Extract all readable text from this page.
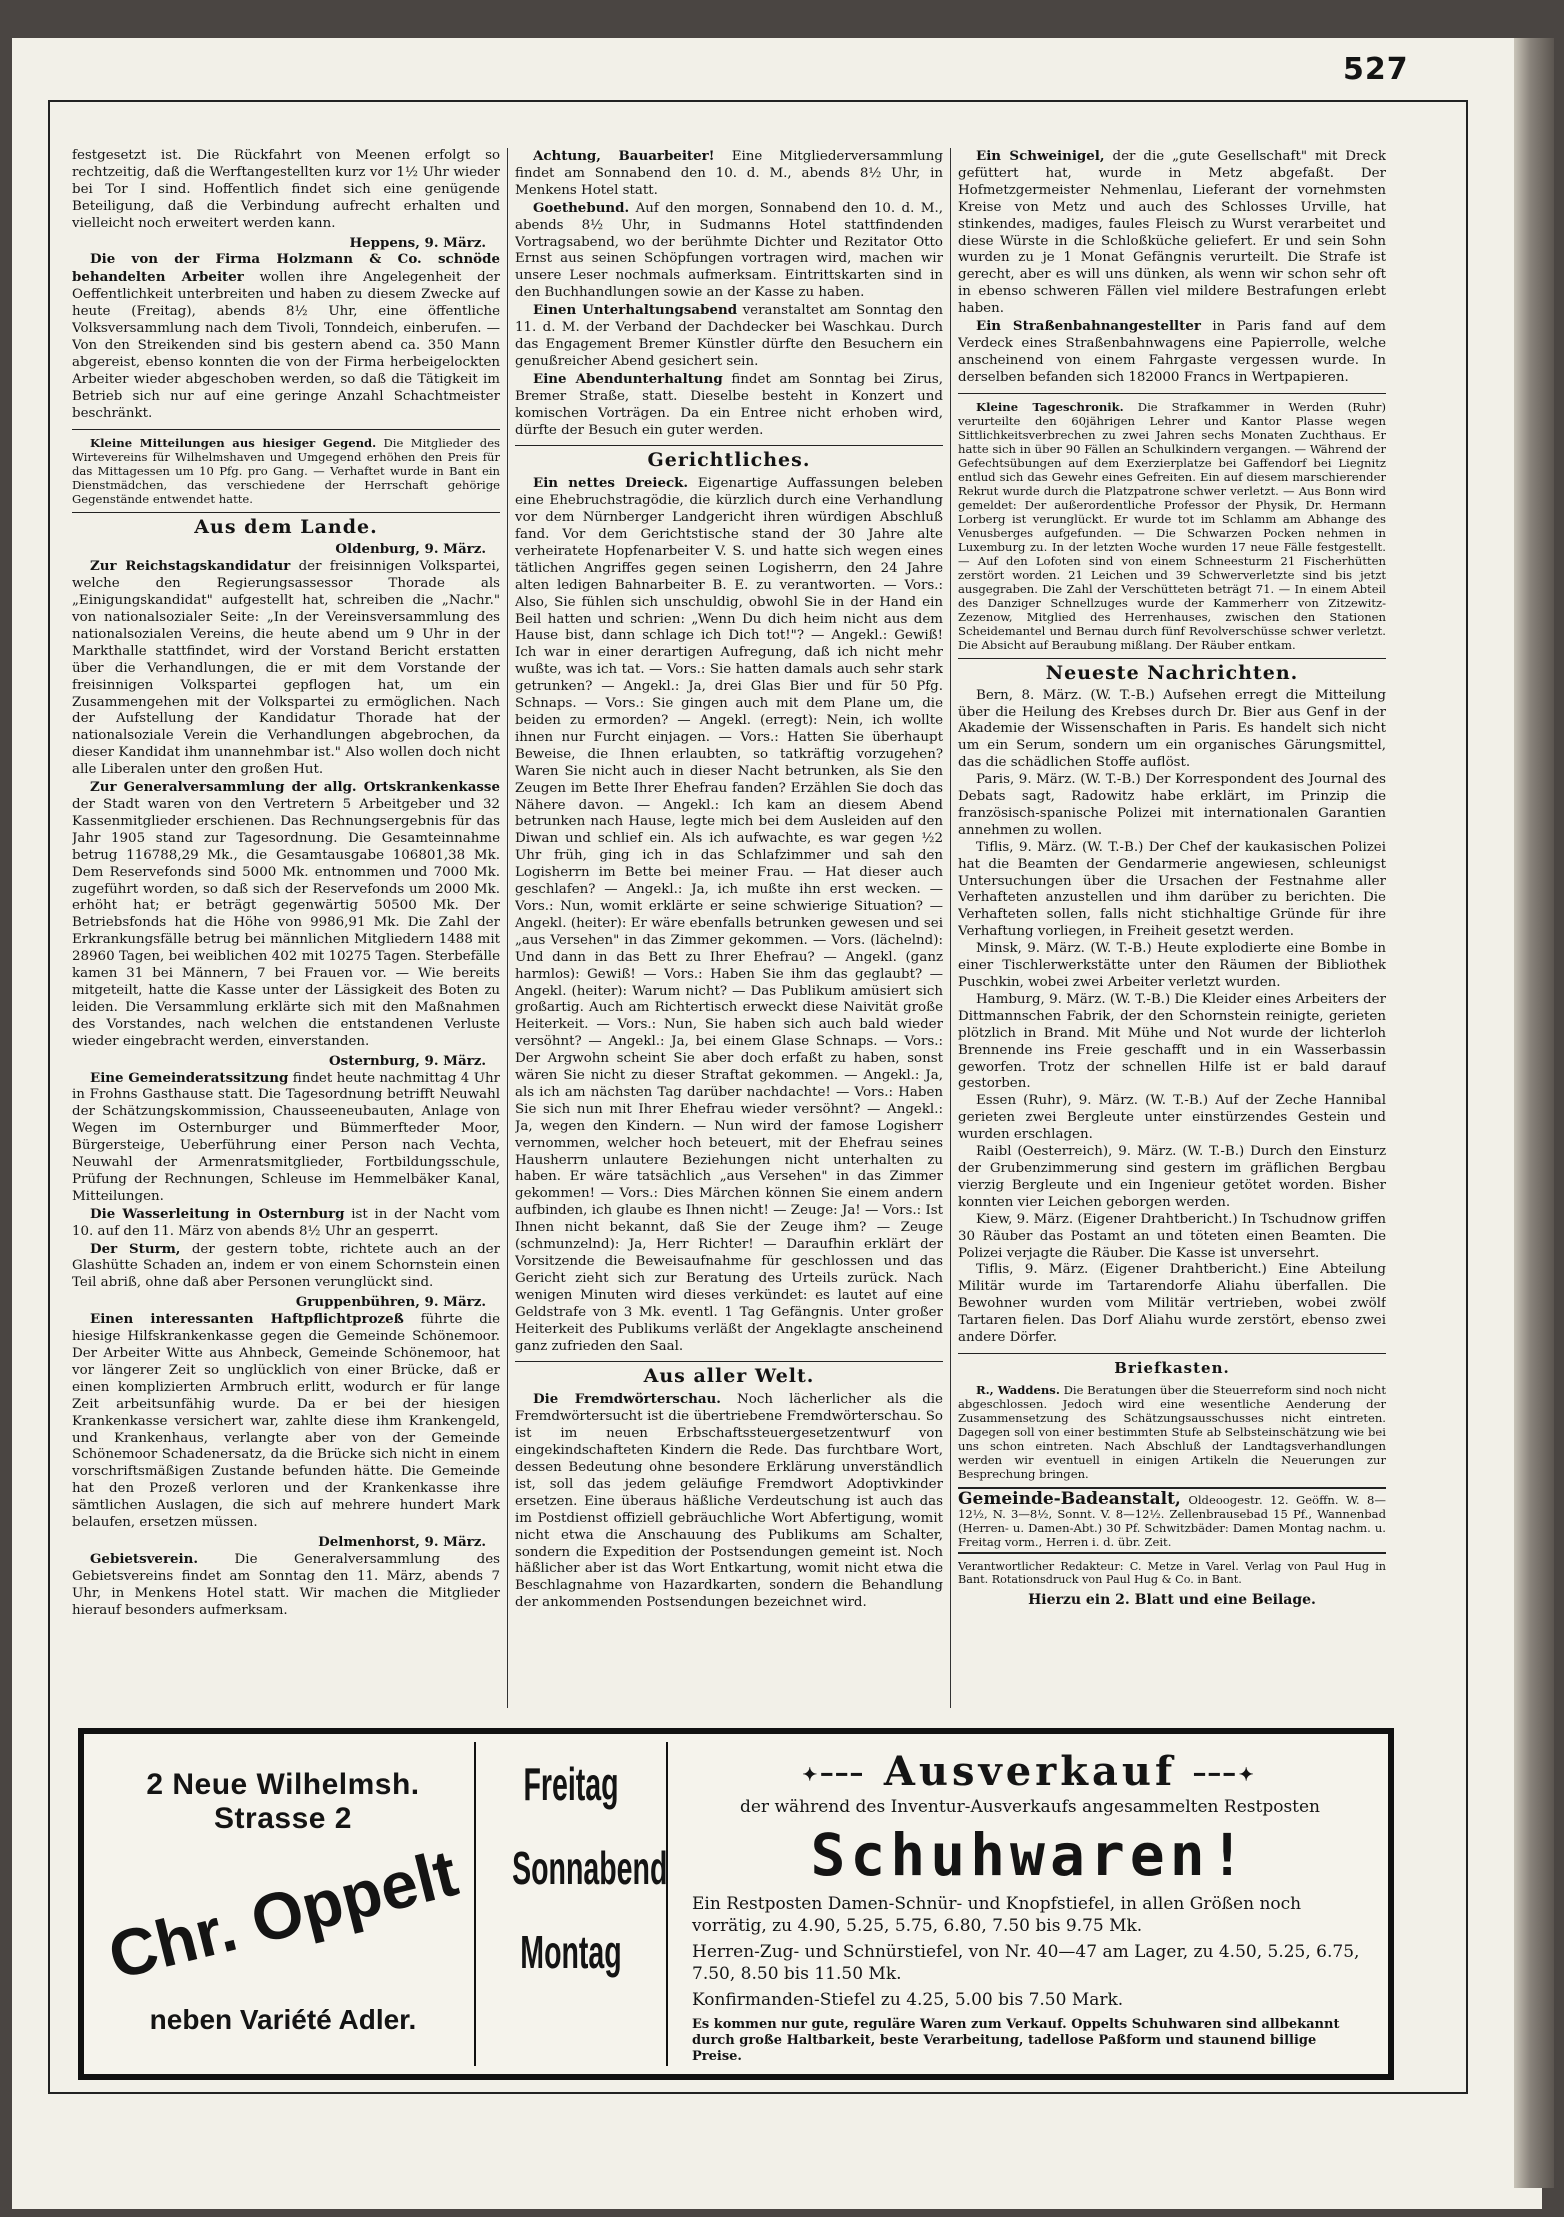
527

festgesetzt ist. Die Rückfahrt von Meenen erfolgt so rechtzeitig, daß die Werftangestellten kurz vor 1½ Uhr wieder bei Tor I sind. Hoffentlich findet sich eine genügende Beteiligung, daß die Verbindung aufrecht erhalten und vielleicht noch erweitert werden kann.

Heppens, 9. März.

Die von der Firma Holzmann & Co. schnöde behandelten Arbeiter wollen ihre Angelegenheit der Oeffentlichkeit unterbreiten und haben zu diesem Zwecke auf heute (Freitag), abends 8½ Uhr, eine öffentliche Volksversammlung nach dem Tivoli, Tonndeich, einberufen. — Von den Streikenden sind bis gestern abend ca. 350 Mann abgereist, ebenso konnten die von der Firma herbeigelockten Arbeiter wieder abgeschoben werden, so daß die Tätigkeit im Betrieb sich nur auf eine geringe Anzahl Schachtmeister beschränkt.

Kleine Mitteilungen aus hiesiger Gegend. Die Mitglieder des Wirtevereins für Wilhelmshaven und Umgegend erhöhen den Preis für das Mittagessen um 10 Pfg. pro Gang. — Verhaftet wurde in Bant ein Dienstmädchen, das verschiedene der Herrschaft gehörige Gegenstände entwendet hatte.

Aus dem Lande.
Oldenburg, 9. März.

Zur Reichstagskandidatur der freisinnigen Volkspartei, welche den Regierungsassessor Thorade als „Einigungskandidat" aufgestellt hat, schreiben die „Nachr." von nationalsozialer Seite: „In der Vereinsversammlung des nationalsozialen Vereins, die heute abend um 9 Uhr in der Markthalle stattfindet, wird der Vorstand Bericht erstatten über die Verhandlungen, die er mit dem Vorstande der freisinnigen Volkspartei gepflogen hat, um ein Zusammengehen mit der Volkspartei zu ermöglichen. Nach der Aufstellung der Kandidatur Thorade hat der nationalsoziale Verein die Verhandlungen abgebrochen, da dieser Kandidat ihm unannehmbar ist." Also wollen doch nicht alle Liberalen unter den großen Hut.

Zur Generalversammlung der allg. Ortskrankenkasse der Stadt waren von den Vertretern 5 Arbeitgeber und 32 Kassenmitglieder erschienen. Das Rechnungsergebnis für das Jahr 1905 stand zur Tagesordnung. Die Gesamteinnahme betrug 116788,29 Mk., die Gesamtausgabe 106801,38 Mk. Dem Reservefonds sind 5000 Mk. entnommen und 7000 Mk. zugeführt worden, so daß sich der Reservefonds um 2000 Mk. erhöht hat; er beträgt gegenwärtig 50500 Mk. Der Betriebsfonds hat die Höhe von 9986,91 Mk. Die Zahl der Erkrankungsfälle betrug bei männlichen Mitgliedern 1488 mit 28960 Tagen, bei weiblichen 402 mit 10275 Tagen. Sterbefälle kamen 31 bei Männern, 7 bei Frauen vor. — Wie bereits mitgeteilt, hatte die Kasse unter der Lässigkeit des Boten zu leiden. Die Versammlung erklärte sich mit den Maßnahmen des Vorstandes, nach welchen die entstandenen Verluste wieder eingebracht werden, einverstanden.

Osternburg, 9. März.

Eine Gemeinderatssitzung findet heute nachmittag 4 Uhr in Frohns Gasthause statt. Die Tagesordnung betrifft Neuwahl der Schätzungskommission, Chausseeneubauten, Anlage von Wegen im Osternburger und Bümmerfteder Moor, Bürgersteige, Ueberführung einer Person nach Vechta, Neuwahl der Armenratsmitglieder, Fortbildungsschule, Prüfung der Rechnungen, Schleuse im Hemmelbäker Kanal, Mitteilungen.

Die Wasserleitung in Osternburg ist in der Nacht vom 10. auf den 11. März von abends 8½ Uhr an gesperrt.

Der Sturm, der gestern tobte, richtete auch an der Glashütte Schaden an, indem er von einem Schornstein einen Teil abriß, ohne daß aber Personen verunglückt sind.

Gruppenbühren, 9. März.

Einen interessanten Haftpflichtprozeß führte die hiesige Hilfskrankenkasse gegen die Gemeinde Schönemoor. Der Arbeiter Witte aus Ahnbeck, Gemeinde Schönemoor, hat vor längerer Zeit so unglücklich von einer Brücke, daß er einen komplizierten Armbruch erlitt, wodurch er für lange Zeit arbeitsunfähig wurde. Da er bei der hiesigen Krankenkasse versichert war, zahlte diese ihm Krankengeld, und Krankenhaus, verlangte aber von der Gemeinde Schönemoor Schadenersatz, da die Brücke sich nicht in einem vorschriftsmäßigen Zustande befunden hätte. Die Gemeinde hat den Prozeß verloren und der Krankenkasse ihre sämtlichen Auslagen, die sich auf mehrere hundert Mark belaufen, ersetzen müssen.

Delmenhorst, 9. März.

Gebietsverein.	Die Generalversammlung des Gebietsvereins findet am Sonntag den 11. März, abends 7 Uhr, in Menkens Hotel statt. Wir machen die Mitglieder hierauf besonders aufmerksam.

Achtung, Bauarbeiter! Eine Mitgliederversammlung findet am Sonnabend den 10. d. M., abends 8½ Uhr, in Menkens Hotel statt.

Goethebund. Auf den morgen, Sonnabend den 10. d. M., abends 8½ Uhr, in Sudmanns Hotel stattfindenden Vortragsabend, wo der berühmte Dichter und Rezitator Otto Ernst aus seinen Schöpfungen vortragen wird, machen wir unsere Leser nochmals aufmerksam. Eintrittskarten sind in den Buchhandlungen sowie an der Kasse zu haben.

Einen Unterhaltungsabend veranstaltet am Sonntag den 11. d. M. der Verband der Dachdecker bei Waschkau. Durch das Engagement Bremer Künstler dürfte den Besuchern ein genußreicher Abend gesichert sein.

Eine Abendunterhaltung findet am Sonntag bei Zirus, Bremer Straße, statt. Dieselbe besteht in Konzert und komischen Vorträgen. Da ein Entree nicht erhoben wird, dürfte der Besuch ein guter werden.

Gerichtliches.

Ein nettes Dreieck. Eigenartige Auffassungen beleben eine Ehebruchstragödie, die kürzlich durch eine Verhandlung vor dem Nürnberger Landgericht ihren würdigen Abschluß fand. Vor dem Gerichtstische stand der 30 Jahre alte verheiratete Hopfenarbeiter V. S. und hatte sich wegen eines tätlichen Angriffes gegen seinen Logisherrn, den 24 Jahre alten ledigen Bahnarbeiter B. E. zu verantworten. — Vors.: Also, Sie fühlen sich unschuldig, obwohl Sie in der Hand ein Beil hatten und schrien: „Wenn Du dich heim nicht aus dem Hause bist, dann schlage ich Dich tot!"? — Angekl.: Gewiß! Ich war in einer derartigen Aufregung, daß ich nicht mehr wußte, was ich tat. — Vors.: Sie hatten damals auch sehr stark getrunken? — Angekl.: Ja, drei Glas Bier und für 50 Pfg. Schnaps. — Vors.: Sie gingen auch mit dem Plane um, die beiden zu ermorden? — Angekl. (erregt): Nein, ich wollte ihnen nur Furcht einjagen. — Vors.: Hatten Sie überhaupt Beweise, die Ihnen erlaubten, so tatkräftig vorzugehen? Waren Sie nicht auch in dieser Nacht betrunken, als Sie den Zeugen im Bette Ihrer Ehefrau fanden? Erzählen Sie doch das Nähere davon. — Angekl.: Ich kam an diesem Abend betrunken nach Hause, legte mich bei dem Ausleiden auf den Diwan und schlief ein. Als ich aufwachte, es war gegen ½2 Uhr früh, ging ich in das Schlafzimmer und sah den Logisherrn im Bette bei meiner Frau. — Hat dieser auch geschlafen? — Angekl.: Ja, ich mußte ihn erst wecken. — Vors.: Nun, womit erklärte er seine schwierige Situation? — Angekl. (heiter): Er wäre ebenfalls betrunken gewesen und sei „aus Versehen" in das Zimmer gekommen. — Vors. (lächelnd): Und dann in das Bett zu Ihrer Ehefrau? — Angekl. (ganz harmlos): Gewiß! — Vors.: Haben Sie ihm das geglaubt? — Angekl. (heiter): Warum nicht? — Das Publikum amüsiert sich großartig. Auch am Richtertisch erweckt diese Naivität große Heiterkeit. — Vors.: Nun, Sie haben sich auch bald wieder versöhnt? — Angekl.: Ja, bei einem Glase Schnaps. — Vors.: Der Argwohn scheint Sie aber doch erfaßt zu haben, sonst wären Sie nicht zu dieser Straftat gekommen. — Angekl.: Ja, als ich am nächsten Tag darüber nachdachte! — Vors.: Haben Sie sich nun mit Ihrer Ehefrau wieder versöhnt? — Angekl.: Ja, wegen den Kindern. — Nun wird der famose Logisherr vernommen, welcher hoch beteuert, mit der Ehefrau seines Hausherrn unlautere Beziehungen nicht unterhalten zu haben. Er wäre tatsächlich „aus Versehen" in das Zimmer gekommen! — Vors.: Dies Märchen können Sie einem andern aufbinden, ich glaube es Ihnen nicht! — Zeuge: Ja! — Vors.: Ist Ihnen nicht bekannt, daß Sie der Zeuge ihm? — Zeuge (schmunzelnd): Ja, Herr Richter! — Daraufhin erklärt der Vorsitzende die Beweisaufnahme für geschlossen und das Gericht zieht sich zur Beratung des Urteils zurück. Nach wenigen Minuten wird dieses verkündet: es lautet auf eine Geldstrafe von 3 Mk. eventl. 1 Tag Gefängnis. Unter großer Heiterkeit des Publikums verläßt der Angeklagte anscheinend ganz zufrieden den Saal.

Aus aller Welt.

Die Fremdwörterschau. Noch lächerlicher als die Fremdwörtersucht ist die übertriebene Fremdwörterschau. So ist im neuen Erbschaftssteuergesetzentwurf von eingekindschafteten Kindern die Rede. Das furchtbare Wort, dessen Bedeutung ohne besondere Erklärung unverständlich ist, soll das jedem geläufige Fremdwort Adoptivkinder ersetzen. Eine überaus häßliche Verdeutschung ist auch das im Postdienst offiziell gebräuchliche Wort Abfertigung, womit nicht etwa die Anschauung des Publikums am Schalter, sondern die Expedition der Postsendungen gemeint ist. Noch häßlicher aber ist das Wort Entkartung, womit nicht etwa die Beschlagnahme von Hazardkarten, sondern die Behandlung der ankommenden Postsendungen bezeichnet wird.

Ein Schweinigel, der die „gute Gesellschaft" mit Dreck gefüttert hat, wurde in Metz abgefaßt. Der Hofmetzgermeister Nehmenlau, Lieferant der vornehmsten Kreise von Metz und auch des Schlosses Urville, hat stinkendes, madiges, faules Fleisch zu Wurst verarbeitet und diese Würste in die Schloßküche geliefert. Er und sein Sohn wurden zu je 1 Monat Gefängnis verurteilt. Die Strafe ist gerecht, aber es will uns dünken, als wenn wir schon sehr oft in ebenso schweren Fällen viel mildere Bestrafungen erlebt haben.

Ein Straßenbahnangestellter in Paris fand auf dem Verdeck eines Straßenbahnwagens eine Papierrolle, welche anscheinend von einem Fahrgaste vergessen wurde. In derselben befanden sich 182000 Francs in Wertpapieren.

Kleine Tageschronik. Die Strafkammer in Werden (Ruhr) verurteilte den 60jährigen Lehrer und Kantor Plasse wegen Sittlichkeitsverbrechen zu zwei Jahren sechs Monaten Zuchthaus. Er hatte sich in über 90 Fällen an Schulkindern vergangen. — Während der Gefechtsübungen auf dem Exerzierplatze bei Gaffendorf bei Liegnitz entlud sich das Gewehr eines Gefreiten. Ein auf diesem marschierender Rekrut wurde durch die Platzpatrone schwer verletzt. — Aus Bonn wird gemeldet: Der außerordentliche Professor der Physik, Dr. Hermann Lorberg ist verunglückt. Er wurde tot im Schlamm am Abhange des Venusberges aufgefunden. — Die Schwarzen Pocken nehmen in Luxemburg zu. In der letzten Woche wurden 17 neue Fälle festgestellt. — Auf den Lofoten sind von einem Schneesturm 21 Fischerhütten zerstört worden. 21 Leichen und 39 Schwerverletzte sind bis jetzt ausgegraben. Die Zahl der Verschütteten beträgt 71. — In einem Abteil des Danziger Schnellzuges wurde der Kammerherr von Zitzewitz-Zezenow, Mitglied des Herrenhauses, zwischen den Stationen Scheidemantel und Bernau durch fünf Revolverschüsse schwer verletzt. Die Absicht auf Beraubung mißlang. Der Räuber entkam.

Neueste Nachrichten.

Bern, 8. März. (W. T.-B.) Aufsehen erregt die Mitteilung über die Heilung des Krebses durch Dr. Bier aus Genf in der Akademie der Wissenschaften in Paris. Es handelt sich nicht um ein Serum, sondern um ein organisches Gärungsmittel, das die schädlichen Stoffe auflöst.

Paris, 9. März. (W. T.-B.) Der Korrespondent des Journal des Debats sagt, Radowitz habe erklärt, im Prinzip die französisch-spanische Polizei mit internationalen Garantien annehmen zu wollen.

Tiflis, 9. März. (W. T.-B.) Der Chef der kaukasischen Polizei hat die Beamten der Gendarmerie angewiesen, schleunigst Untersuchungen über die Ursachen der Festnahme aller Verhafteten anzustellen und ihm darüber zu berichten. Die Verhafteten sollen, falls nicht stichhaltige Gründe für ihre Verhaftung vorliegen, in Freiheit gesetzt werden.

Minsk, 9. März. (W. T.-B.) Heute explodierte eine Bombe in einer Tischlerwerkstätte unter den Räumen der Bibliothek Puschkin, wobei zwei Arbeiter verletzt wurden.

Hamburg, 9. März. (W. T.-B.) Die Kleider eines Arbeiters der Dittmannschen Fabrik, der den Schornstein reinigte, gerieten plötzlich in Brand. Mit Mühe und Not wurde der lichterloh Brennende ins Freie geschafft und in ein Wasserbassin geworfen. Trotz der schnellen Hilfe ist er bald darauf gestorben.

Essen (Ruhr), 9. März. (W. T.-B.) Auf der Zeche Hannibal gerieten zwei Bergleute unter einstürzendes Gestein und wurden erschlagen.

Raibl (Oesterreich), 9. März. (W. T.-B.) Durch den Einsturz der Grubenzimmerung sind gestern im gräflichen Bergbau vierzig Bergleute und ein Ingenieur getötet worden. Bisher konnten vier Leichen geborgen werden.

Kiew, 9. März. (Eigener Drahtbericht.) In Tschudnow griffen 30 Räuber das Postamt an und töteten einen Beamten. Die Polizei verjagte die Räuber. Die Kasse ist unversehrt.

Tiflis, 9. März. (Eigener Drahtbericht.) Eine Abteilung Militär wurde im Tartarendorfe Aliahu überfallen. Die Bewohner wurden vom Militär vertrieben, wobei zwölf Tartaren fielen. Das Dorf Aliahu wurde zerstört, ebenso zwei andere Dörfer.

Briefkasten.

R., Waddens. Die Beratungen über die Steuerreform sind noch nicht abgeschlossen. Jedoch wird eine wesentliche Aenderung der Zusammensetzung des Schätzungsausschusses nicht eintreten. Dagegen soll von einer bestimmten Stufe ab Selbsteinschätzung wie bei uns schon eintreten. Nach Abschluß der Landtagsverhandlungen werden wir eventuell in einigen Artikeln die Neuerungen zur Besprechung bringen.

Gemeinde-Badeanstalt, Oldeoogestr. 12. Geöffn. W. 8—12½, N. 3—8½, Sonnt. V. 8—12½. Zellenbrausebad 15 Pf., Wannenbad (Herren- u. Damen-Abt.) 30 Pf. Schwitzbäder: Damen Montag nachm. u. Freitag vorm., Herren i. d. übr. Zeit.
Verantwortlicher Redakteur: C. Metze in Varel. Verlag von Paul Hug in Bant. Rotationsdruck von Paul Hug & Co. in Bant.
Hierzu ein 2. Blatt und eine Beilage.
2 Neue Wilhelmsh. Strasse 2
Chr. Oppelt
neben Variété Adler.
Freitag
Sonnabend
Montag
✦━━━ Ausverkauf ━━━✦
der während des Inventur-Ausverkaufs angesammelten Restposten
Schuhwaren!
Ein Restposten Damen-Schnür- und Knopfstiefel, in allen Größen noch vorrätig, zu 4.90, 5.25, 5.75, 6.80, 7.50 bis 9.75 Mk.
Herren-Zug- und Schnürstiefel, von Nr. 40—47 am Lager, zu 4.50, 5.25, 6.75, 7.50, 8.50 bis 11.50 Mk.
Konfirmanden-Stiefel zu 4.25, 5.00 bis 7.50 Mark.
Es kommen nur gute, reguläre Waren zum Verkauf. Oppelts Schuhwaren sind allbekannt durch große Haltbarkeit, beste Verarbeitung, tadellose Paßform und staunend billige Preise.
